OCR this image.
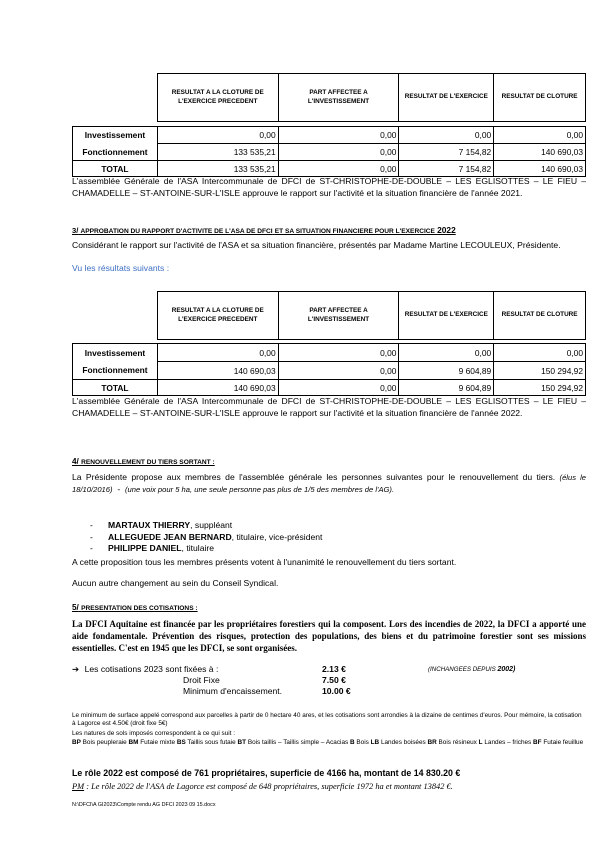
	RESULTAT A LA CLOTURE DE L'EXERCICE PRECEDENT	PART AFFECTEE A L'INVESTISSEMENT	RESULTAT DE L'EXERCICE	RESULTAT DE CLOTURE

Investissement	0,00	0,00	0,00	0,00
Fonctionnement	133 535,21	0,00	7 154,82	140 690,03
TOTAL	133 535,21	0,00	7 154,82	140 690,03
L'assemblée Générale de l'ASA Intercommunale de DFCI de ST-CHRISTOPHE-DE-DOUBLE – LES EGLISOTTES – LE FIEU – CHAMADELLE – ST-ANTOINE-SUR-L'ISLE approuve le rapport sur l'activité et la situation financière de l'année 2021.
3/ APPROBATION DU RAPPORT D'ACTIVITE DE L'ASA DE DFCI ET SA SITUATION FINANCIERE POUR L'EXERCICE 2022
Considérant le rapport sur l'activité de l'ASA et sa situation financière, présentés par Madame Martine LECOULEUX, Présidente.
Vu les résultats suivants :
	RESULTAT A LA CLOTURE DE L'EXERCICE PRECEDENT	PART AFFECTEE A L'INVESTISSEMENT	RESULTAT DE L'EXERCICE	RESULTAT DE CLOTURE

Investissement	0,00	0,00	0,00	0,00
Fonctionnement	140 690,03	0,00	9 604,89	150 294,92
TOTAL	140 690,03	0,00	9 604,89	150 294,92
L'assemblée Générale de l'ASA Intercommunale de DFCI de ST-CHRISTOPHE-DE-DOUBLE – LES EGLISOTTES – LE FIEU – CHAMADELLE – ST-ANTOINE-SUR-L'ISLE approuve le rapport sur l'activité et la situation financière de l'année 2022.
4/ RENOUVELLEMENT DU TIERS SORTANT :
La Présidente propose aux membres de l'assemblée générale les personnes suivantes pour le renouvellement du tiers. (élus le 18/10/2016) - (une voix pour 5 ha, une seule personne pas plus de 1/5 des membres de l'AG).
- MARTAUX THIERRY, suppléant
- ALLEGUEDE JEAN BERNARD, titulaire, vice-président
- PHILIPPE DANIEL, titulaire
A cette proposition tous les membres présents votent à l'unanimité le renouvellement du tiers sortant.
Aucun autre changement au sein du Conseil Syndical.
5/ PRESENTATION DES COTISATIONS :
La DFCI Aquitaine est financée par les propriétaires forestiers qui la composent. Lors des incendies de 2022, la DFCI a apporté une aide fondamentale. Prévention des risques, protection des populations, des biens et du patrimoine forestier sont ses missions essentielles. C'est en 1945 que les DFCI, se sont organisées.
➔ Les cotisations 2023 sont fixées à :	2.13 €	(INCHANGEES DEPUIS 2002)
Droit Fixe	7.50 €
Minimum d'encaissement.	10.00 €
Le minimum de surface appelé correspond aux parcelles à partir de 0 hectare 40 ares, et les cotisations sont arrondies à la dizaine de centimes d'euros. Pour mémoire, la cotisation à Lagorce est 4.50€ (droit fixe 5€)
Les natures de sols imposés correspondent à ce qui suit :
BP Bois peupleraie BM Futaie mixte BS Taillis sous futaie BT Bois taillis – Taillis simple – Acacias B Bois LB Landes boisées BR Bois résineux L Landes – friches BF Futaie feuillue
Le rôle 2022 est composé de 761 propriétaires, superficie de 4166 ha, montant de 14 830.20 €
PM : Le rôle 2022 de l'ASA de Lagorce est composé de 648 propriétaires, superficie 1972 ha et montant 13842 €.
N:\DFCI\A GI2023\Compte rendu AG DFCI 2023 09 15.docx
